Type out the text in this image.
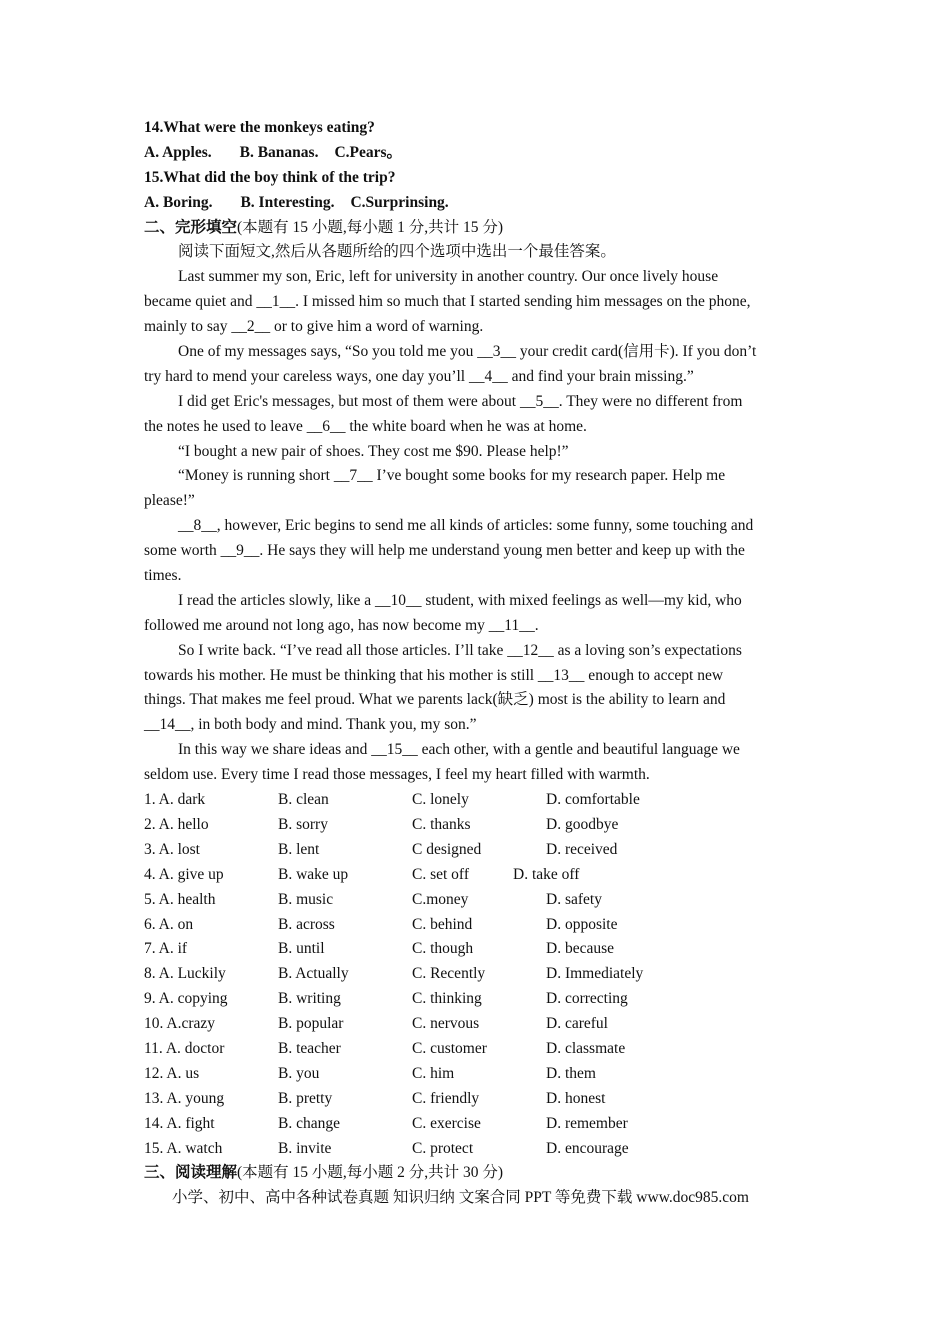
14.What were the monkeys eating?
A. Apples. B. Bananas. C.Pears。
15.What did the boy think of the trip?
A. Boring. B. Interesting. C.Surprinsing.
二、完形填空(本题有 15 小题,每小题 1 分,共计 15 分)
阅读下面短文,然后从各题所给的四个选项中选出一个最佳答案。
Last summer my son, Eric, left for university in another country. Our once lively house
became quiet and __1__. I missed him so much that I started sending him messages on the phone,
mainly to say __2__ or to give him a word of warning.
One of my messages says, “So you told me you __3__ your credit card(信用卡). If you don’t
try hard to mend your careless ways, one day you’ll __4__ and find your brain missing.”
I did get Eric's messages, but most of them were about __5__. They were no different from
the notes he used to leave __6__ the white board when he was at home.
“I bought a new pair of shoes. They cost me $90. Please help!”
“Money is running short __7__ I’ve bought some books for my research paper. Help me
please!”
__8__, however, Eric begins to send me all kinds of articles: some funny, some touching and
some worth __9__. He says they will help me understand young men better and keep up with the
times.
I read the articles slowly, like a __10__ student, with mixed feelings as well—my kid, who
followed me around not long ago, has now become my __11__.
So I write back. “I’ve read all those articles. I’ll take __12__ as a loving son’s expectations
towards his mother. He must be thinking that his mother is still __13__ enough to accept new
things. That makes me feel proud. What we parents lack(缺乏) most is the ability to learn and
__14__, in both body and mind. Thank you, my son.”
In this way we share ideas and __15__ each other, with a gentle and beautiful language we
seldom use. Every time I read those messages, I feel my heart filled with warmth.
1. A. dark	B. clean	C. lonely	D. comfortable
2. A. hello	B. sorry	C. thanks	D. goodbye
3. A. lost	B. lent	C designed	D. received
4. A. give up	B. wake up	C. set off	D. take off
5. A. health	B. music	C.money	D. safety
6. A. on	B. across	C. behind	D. opposite
7. A. if	B. until	C. though	D. because
8. A. Luckily	B. Actually	C. Recently	D. Immediately
9. A. copying	B. writing	C. thinking	D. correcting
10. A.crazy	B. popular	C. nervous	D. careful
11. A. doctor	B. teacher	C. customer	D. classmate
12. A. us	B. you	C. him	D. them
13. A. young	B. pretty	C. friendly	D. honest
14. A. fight	B. change	C. exercise	D. remember
15. A. watch	B. invite	C. protect	D. encourage
三、阅读理解(本题有 15 小题,每小题 2 分,共计 30 分)
小学、初中、高中各种试卷真题 知识归纳 文案合同 PPT 等免费下载 www.doc985.com
